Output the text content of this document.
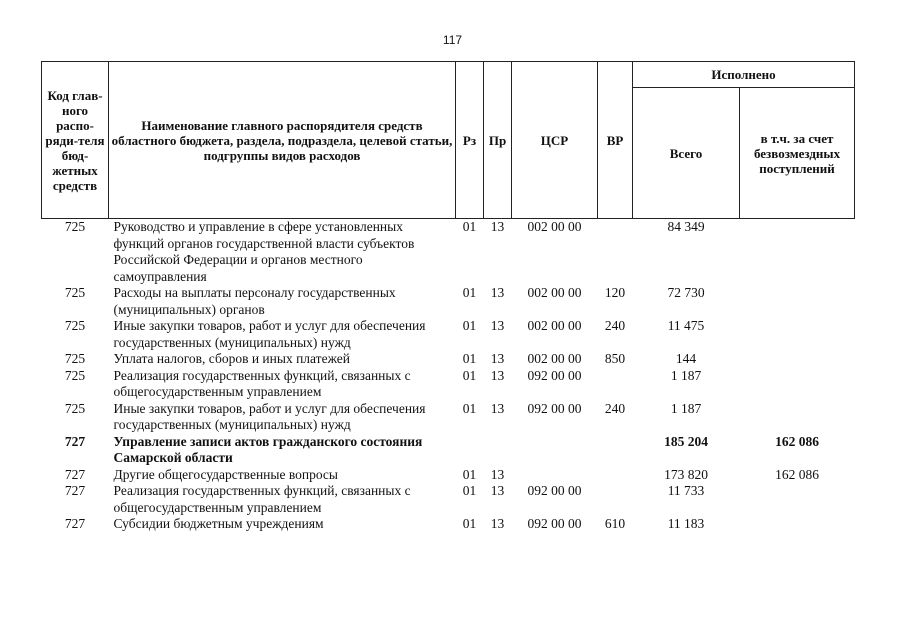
117
Код глав-ного распо-ряди-теля бюд-жетных средств	Наименование главного распорядителя средств областного бюджета, раздела, подраздела, целевой статьи, подгруппы видов расходов	Рз	Пр	ЦСР	ВР	Исполнено	
						Всего	в т.ч. за счет безвозмездных поступлений
725	Руководство и управление в сфере установленных функций органов государственной власти субъектов Российской Федерации и органов местного самоуправления	01	13	002 00 00		84 349	
725	Расходы на выплаты персоналу государственных (муниципальных) органов	01	13	002 00 00	120	72 730	
725	Иные закупки товаров, работ и услуг для обеспечения государственных (муниципальных) нужд	01	13	002 00 00	240	11 475	
725	Уплата налогов, сборов и иных платежей	01	13	002 00 00	850	144	
725	Реализация государственных функций, связанных с общегосударственным управлением	01	13	092 00 00		1 187	
725	Иные закупки товаров, работ и услуг для обеспечения государственных (муниципальных) нужд	01	13	092 00 00	240	1 187	
727	Управление записи актов гражданского состояния Самарской области					185 204	162 086
727	Другие общегосударственные вопросы	01	13			173 820	162 086
727	Реализация государственных функций, связанных с общегосударственным управлением	01	13	092 00 00		11 733	
727	Субсидии бюджетным учреждениям	01	13	092 00 00	610	11 183	
